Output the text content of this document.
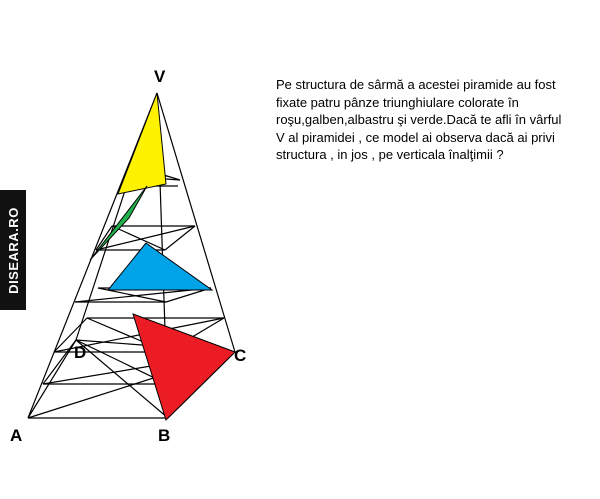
DISEARA.RO
V
A	B
C
D

Pe structura de sârmă a acestei piramide au fost fixate patru pânze triunghiulare colorate în roşu,galben,albastru şi verde.Dacă te afli în vârful V al piramidei , ce model ai observa dacă ai privi structura , in jos , pe verticala înalţimii ?
